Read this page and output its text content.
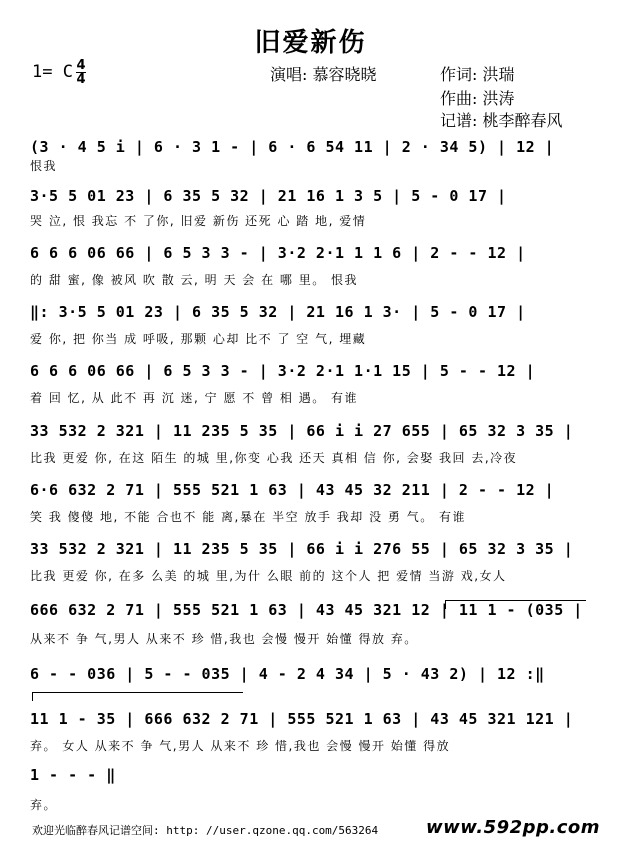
旧爱新伤
1= C 4
4	演唱: 慕容晓晓	作词: 洪瑞
作曲: 洪涛
记谱: 桃李醉春风
(3 · 4 5 i | 6 · 3 1 - | 6 · 6 54 11 | 2 · 34 5) | 12 |
恨我
3·5 5 01 23 | 6 35 5 32 | 21 16 1 3 5 | 5 - 0 17 |
哭 泣, 恨 我忘 不 了你, 旧爱 新伤 还死 心 踏 地, 爱情
6 6 6 06 66 | 6 5 3 3 - | 3·2 2·1 1 1 6 | 2 - - 12 |
的 甜 蜜, 像 被风 吹 散 云, 明 天 会 在 哪 里。 恨我
‖: 3·5 5 01 23 | 6 35 5 32 | 21 16 1 3· | 5 - 0 17 |
爱 你, 把 你当 成 呼吸, 那颗 心却 比不 了 空 气, 埋藏
6 6 6 06 66 | 6 5 3 3 - | 3·2 2·1 1·1 15 | 5 - - 12 |
着 回 忆, 从 此不 再 沉 迷, 宁 愿 不 曾 相 遇。 有谁
33 532 2 321 | 11 235 5 35 | 66 i i 27 655 | 65 32 3 35 |
比我 更爱 你, 在这 陌生 的城 里,你变 心我 还天 真相 信 你, 会娶 我回 去,冷夜
6·6 632 2 71 | 555 521 1 63 | 43 45 32 211 | 2 - - 12 |
笑 我 傻傻 地, 不能 合也不 能 离,暴在 半空 放手 我却 没 勇 气。 有谁
33 532 2 321 | 11 235 5 35 | 66 i i 276 55 | 65 32 3 35 |
比我 更爱 你, 在多 么美 的城 里,为什 么眼 前的 这个人 把 爱情 当游 戏,女人
666 632 2 71 | 555 521 1 63 | 43 45 321 12 | 11 1 - (035 |
从来不 争 气,男人 从来不 珍 惜,我也 会慢 慢开 始懂 得放 弃。
6 - - 036 | 5 - - 035 | 4 - 2 4 34 | 5 · 43 2) | 12 :‖
11 1 - 35 | 666 632 2 71 | 555 521 1 63 | 43 45 321 121 |
弃。 女人 从来不 争 气,男人 从来不 珍 惜,我也 会慢 慢开 始懂 得放
1 - - - ‖
弃。
欢迎光临醉春风记谱空间: http: //user.qzone.qq.com/563264	www.592pp.com
